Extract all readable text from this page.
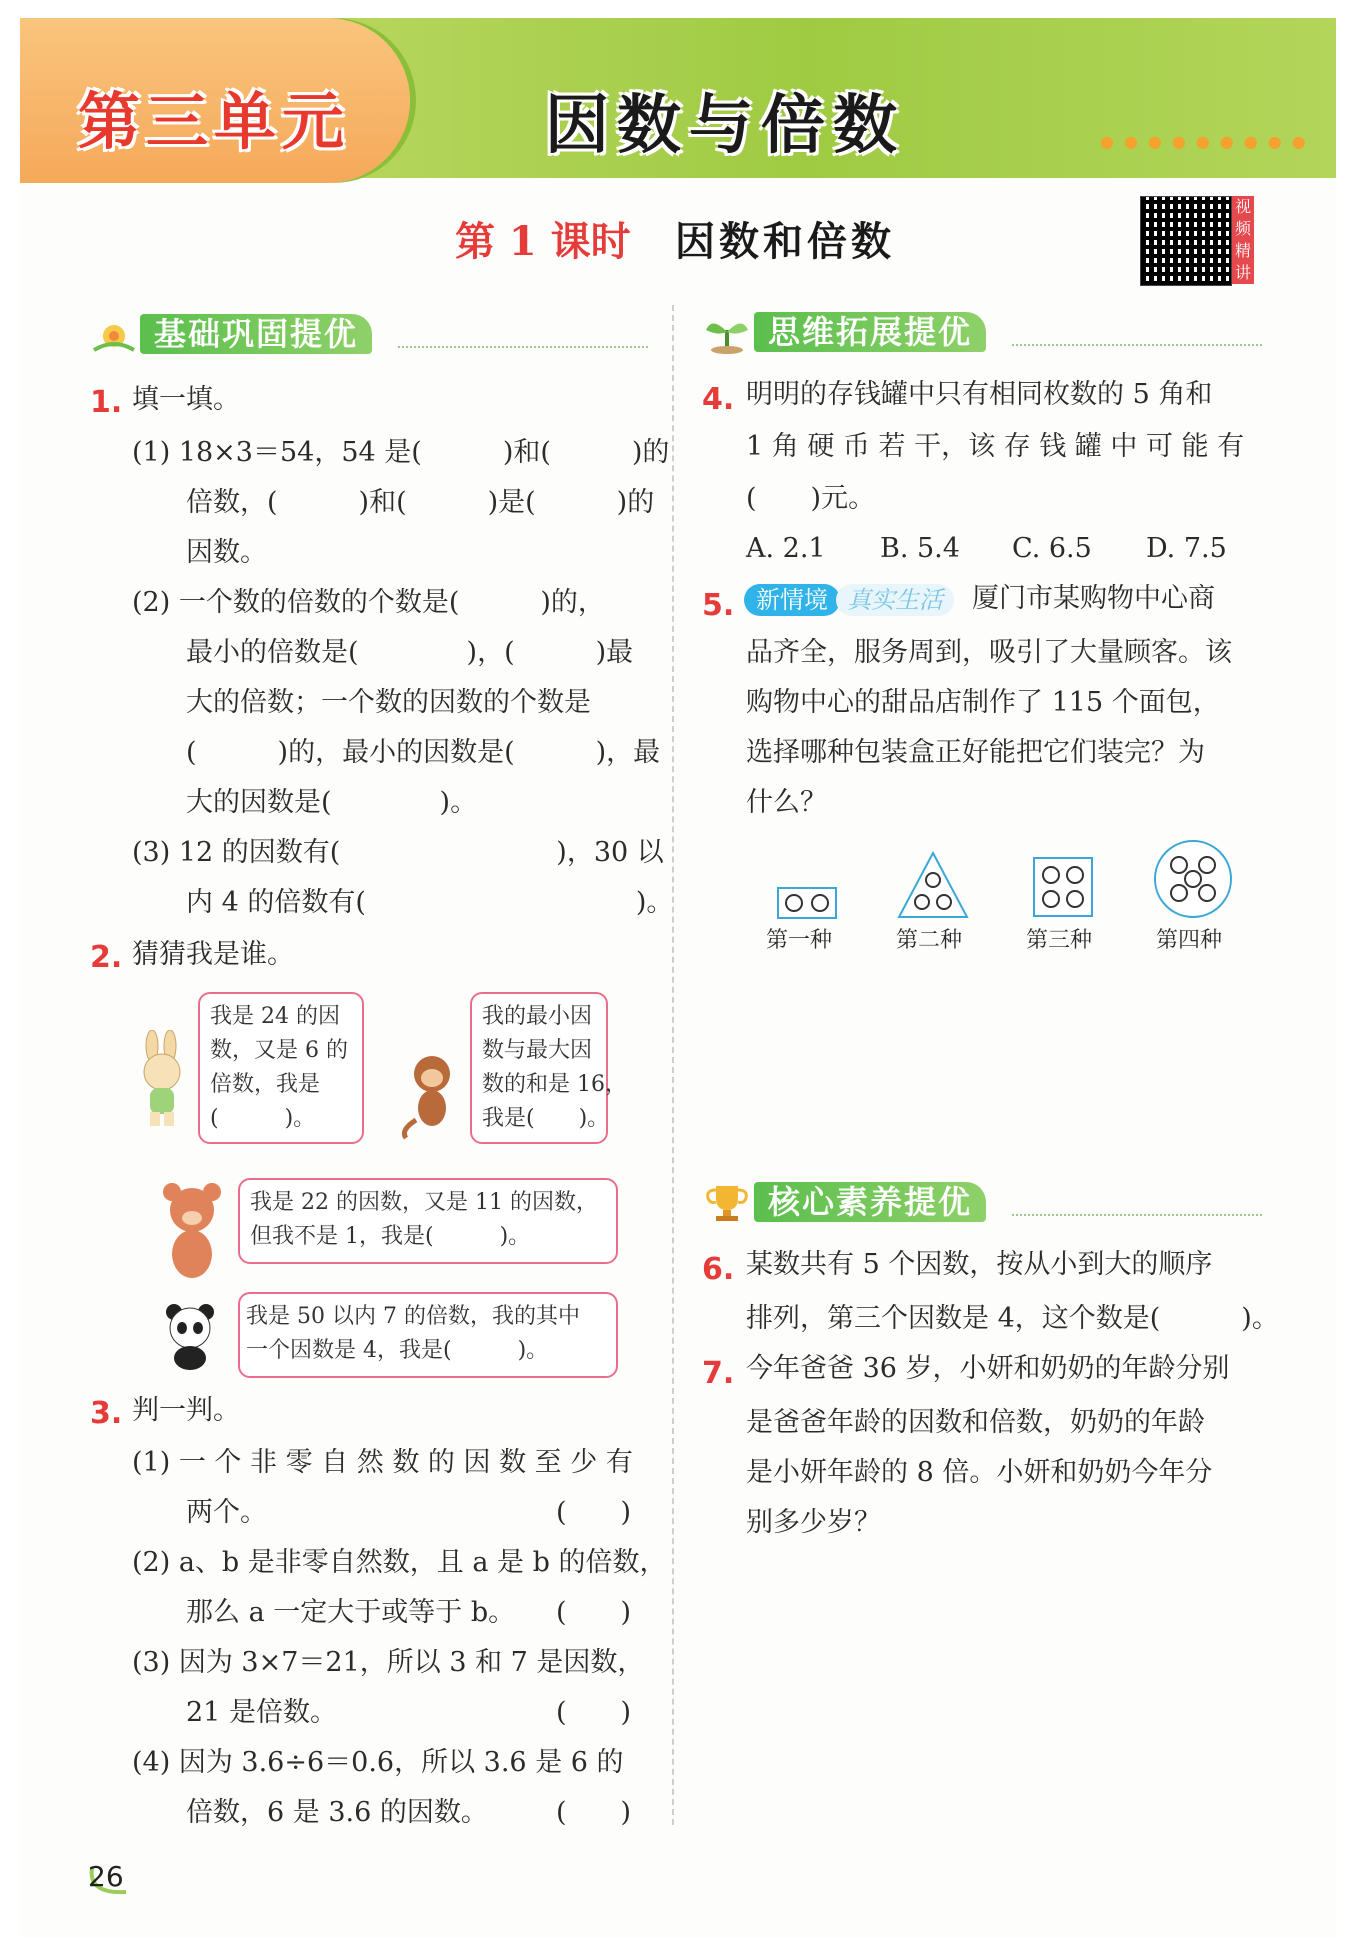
第三单元	因数与倍数	●●●●●●●●●
第 1 课时 因数和倍数
视频精讲
基础巩固提优
1. 填一填。
(1) 18×3＝54，54 是(　　　)和(　　　)的
倍数，(　　　)和(　　　)是(　　　)的
因数。
(2) 一个数的倍数的个数是(　　　)的，
最小的倍数是(　　　　)，(　　　)最
大的倍数；一个数的因数的个数是
(　　　)的，最小的因数是(　　　)，最
大的因数是(　　　　)。
(3) 12 的因数有(　　　　　　　　)，30 以
内 4 的倍数有(　　　　　　　　　　)。
2. 猜猜我是谁。
我是 24 的因
数，又是 6 的
倍数，我是
(　　　)。
我的最小因
数与最大因
数的和是 16，
我是(　　)。
我是 22 的因数，又是 11 的因数，
但我不是 1，我是(　　　)。
我是 50 以内 7 的倍数，我的其中
一个因数是 4，我是(　　　)。
3. 判一判。
(1) 一 个 非 零 自 然 数 的 因 数 至 少 有
两个。	(　　)
(2) a、b 是非零自然数，且 a 是 b 的倍数，
那么 a 一定大于或等于 b。 (　　)
(3) 因为 3×7＝21，所以 3 和 7 是因数，
21 是倍数。	(　　)
(4) 因为 3.6÷6＝0.6，所以 3.6 是 6 的
倍数，6 是 3.6 的因数。	(　　)
思维拓展提优
4. 明明的存钱罐中只有相同枚数的 5 角和
1 角 硬 币 若 干，该 存 钱 罐 中 可 能 有
(　　)元。
A. 2.1 B. 5.4 C. 6.5 D. 7.5
5. 新情境 真实生活	厦门市某购物中心商
品齐全，服务周到，吸引了大量顾客。该
购物中心的甜品店制作了 115 个面包，
选择哪种包装盒正好能把它们装完？为
什么？
第一种	第二种	第三种	第四种
核心素养提优
6. 某数共有 5 个因数，按从小到大的顺序
排列，第三个因数是 4，这个数是(　　　)。
7. 今年爸爸 36 岁，小妍和奶奶的年龄分别
是爸爸年龄的因数和倍数，奶奶的年龄
是小妍年龄的 8 倍。小妍和奶奶今年分
别多少岁？
26
